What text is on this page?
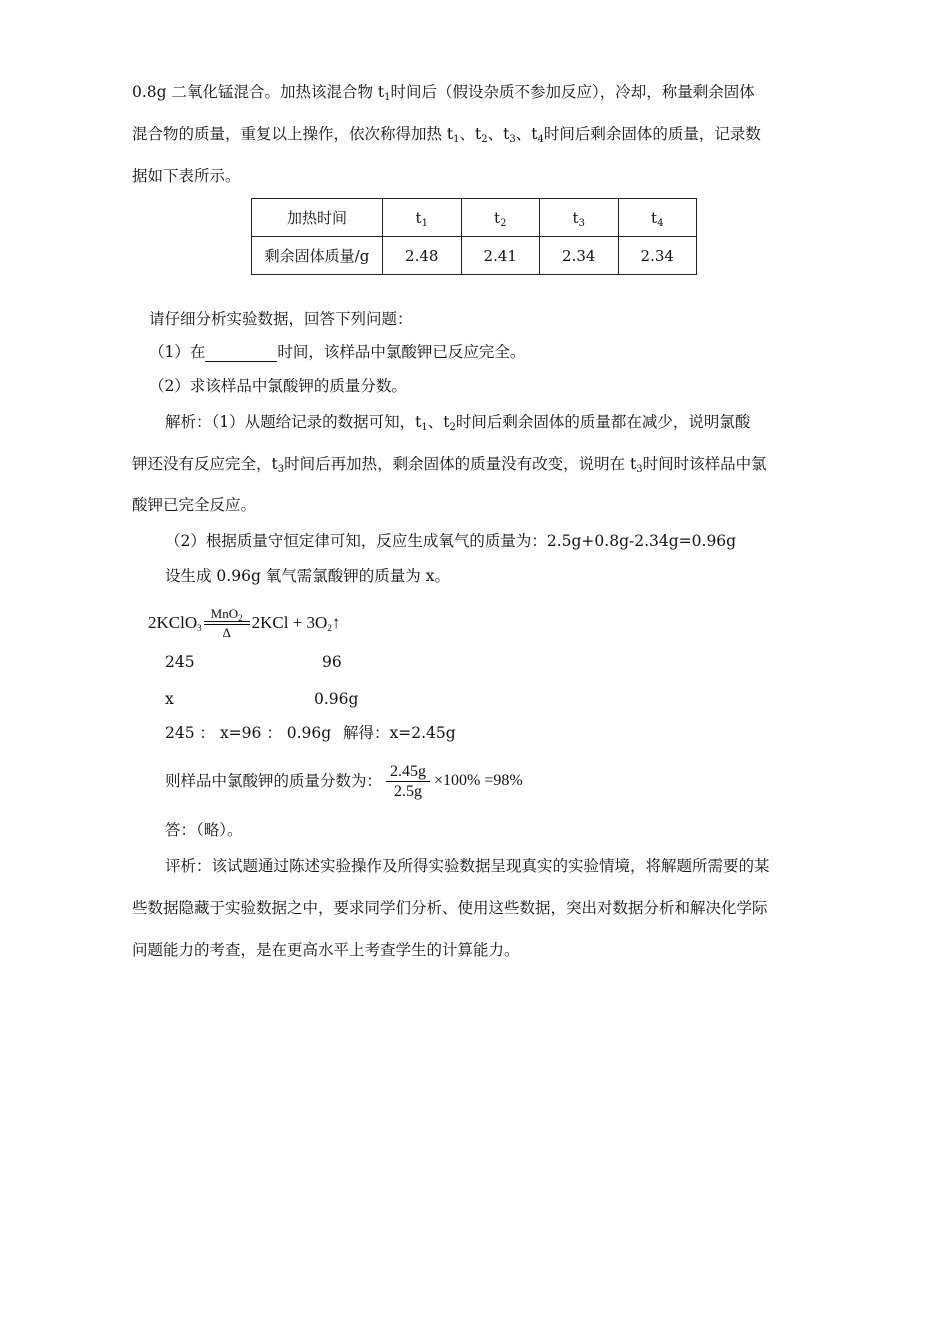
0.8g 二氧化锰混合。加热该混合物 $t_1$时间后（假设杂质不参加反应），冷却，称量剩余固体
混合物的质量，重复以上操作，依次称得加热 $t_1$、$t_2$、$t_3$、$t_4$时间后剩余固体的质量，记录数
据如下表所示。
加热时间	$t_1$	$t_2$	$t_3$	$t_4$
剩余固体质量/g	2.48	2.41	2.34	2.34
请仔细分析实验数据，回答下列问题：
（1）在	时间，该样品中氯酸钾已反应完全。
（2）求该样品中氯酸钾的质量分数。
解析：（1）从题给记录的数据可知，$t_1$、$t_2$时间后剩余固体的质量都在减少，说明氯酸
钾还没有反应完全，$t_3$时间后再加热，剩余固体的质量没有改变，说明在 $t_3$时间时该样品中氯
酸钾已完全反应。
（2）根据质量守恒定律可知，反应生成氧气的质量为：2.5g+0.8g-2.34g=0.96g
设生成 0.96g 氧气需氯酸钾的质量为 x。
2KClO$_3$
MnO$_2$
Δ
$2KCl + 3O_2↑$
245	96
x	0.96g
245 ： x=96 ： 0.96g 解得：x=2.45g
则样品中氯酸钾的质量分数为： $\frac{2.45g}{2.5g} \times 100\% =98\%$
答：（略）。
评析：该试题通过陈述实验操作及所得实验数据呈现真实的实验情境，将解题所需要的某
些数据隐藏于实验数据之中，要求同学们分析、使用这些数据，突出对数据分析和解决化学际
问题能力的考查，是在更高水平上考查学生的计算能力。
